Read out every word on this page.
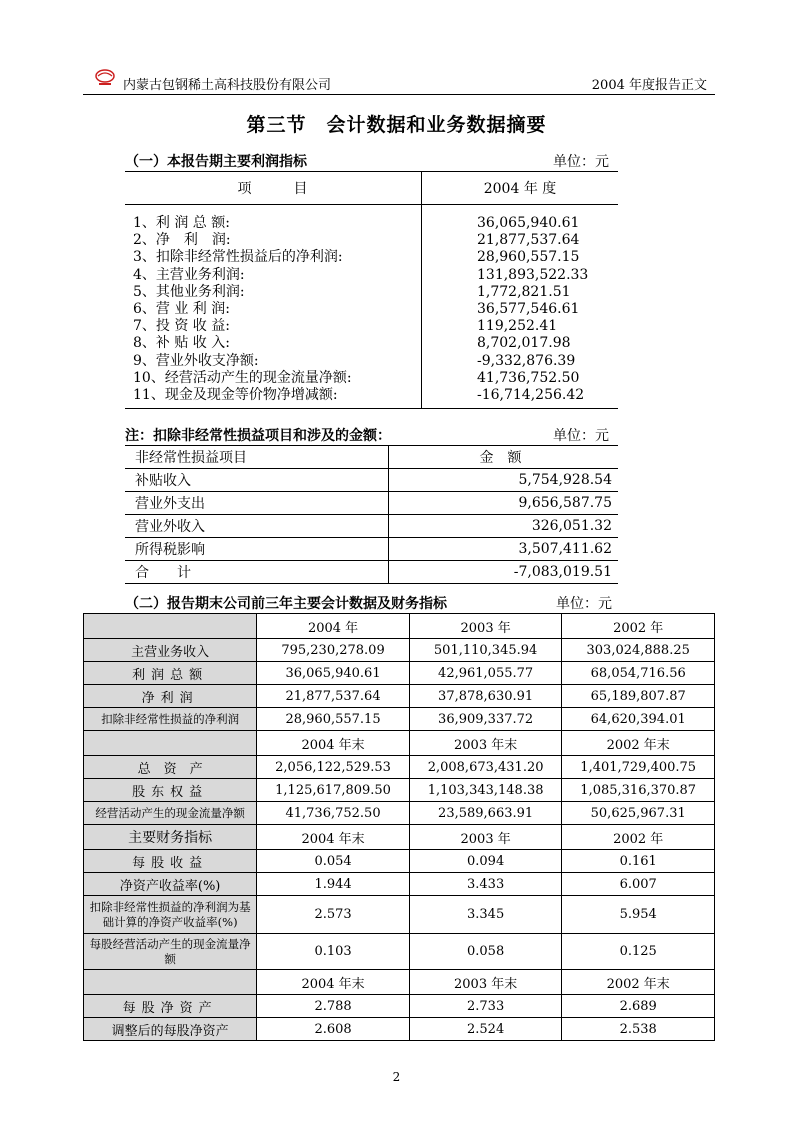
内蒙古包钢稀土高科技股份有限公司	2004 年度报告正文
第三节　会计数据和业务数据摘要
（一）本报告期主要利润指标	单位：元
项　　　目	2004 年 度
1、利 润 总 额:	36,065,940.61
2、净　利　润:	21,877,537.64
3、扣除非经常性损益后的净利润:	28,960,557.15
4、主营业务利润:	131,893,522.33
5、其他业务利润:	1,772,821.51
6、营 业 利 润:	36,577,546.61
7、投 资 收 益:	119,252.41
8、补 贴 收 入:	8,702,017.98
9、营业外收支净额:	-9,332,876.39
10、经营活动产生的现金流量净额:	41,736,752.50
11、现金及现金等价物净增减额:	-16,714,256.42
注：扣除非经常性损益项目和涉及的金额：	单位：元
非经常性损益项目	金　额
补贴收入	5,754,928.54
营业外支出	9,656,587.75
营业外收入	326,051.32
所得税影响	3,507,411.62
合　　计	-7,083,019.51
（二）报告期末公司前三年主要会计数据及财务指标	单位：元
	2004 年	2003 年	2002 年
主营业务收入	795,230,278.09	501,110,345.94	303,024,888.25
利润总额	36,065,940.61	42,961,055.77	68,054,716.56
净利润	21,877,537.64	37,878,630.91	65,189,807.87
扣除非经常性损益的净利润	28,960,557.15	36,909,337.72	64,620,394.01
	2004 年末	2003 年末	2002 年末
总　资　产	2,056,122,529.53	2,008,673,431.20	1,401,729,400.75
股东权益	1,125,617,809.50	1,103,343,148.38	1,085,316,370.87
经营活动产生的现金流量净额	41,736,752.50	23,589,663.91	50,625,967.31
主要财务指标	2004 年末	2003 年	2002 年
每股收益	0.054	0.094	0.161
净资产收益率(%)	1.944	3.433	6.007
扣除非经常性损益的净利润为基础计算的净资产收益率(%)	2.573	3.345	5.954
每股经营活动产生的现金流量净额	0.103	0.058	0.125
	2004 年末	2003 年末	2002 年末
每股净资产	2.788	2.733	2.689
调整后的每股净资产	2.608	2.524	2.538
2
